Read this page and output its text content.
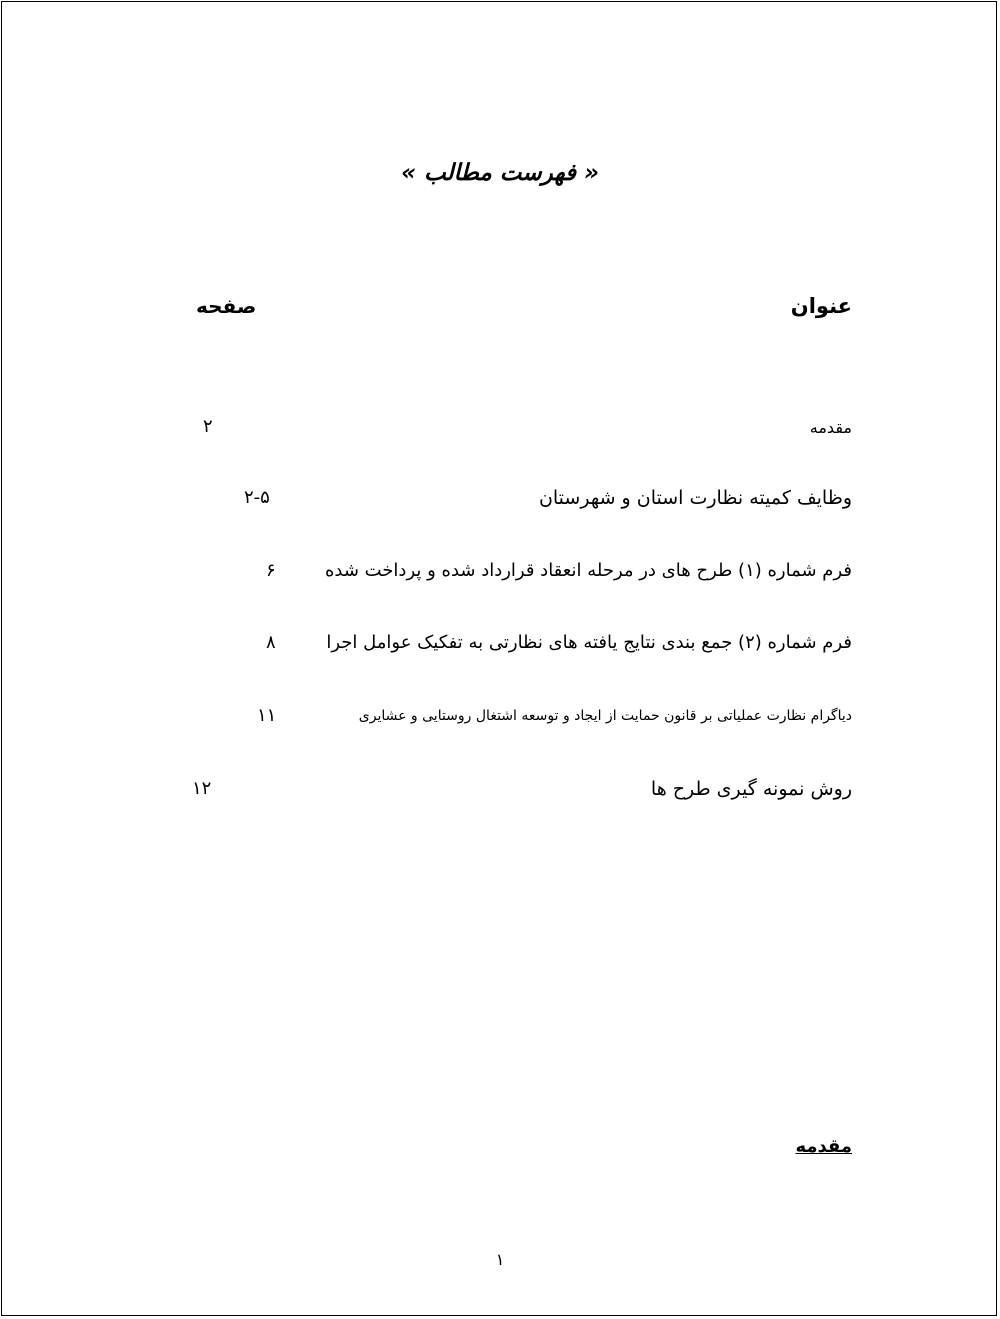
« فهرست مطالب »
عنوان
صفحه
مقدمه
۲
وظایف کمیته نظارت استان و شهرستان
۲-۵
فرم شماره (۱) طرح های در مرحله انعقاد قرارداد شده و پرداخت شده
۶
فرم شماره (۲) جمع بندی نتایج یافته های نظارتی به تفکیک عوامل اجرا
۸
دیاگرام نظارت عملیاتی بر قانون حمایت از ایجاد و توسعه اشتغال روستایی و عشایری
۱۱
روش نمونه گیری طرح ها
۱۲
مقدمه
۱
